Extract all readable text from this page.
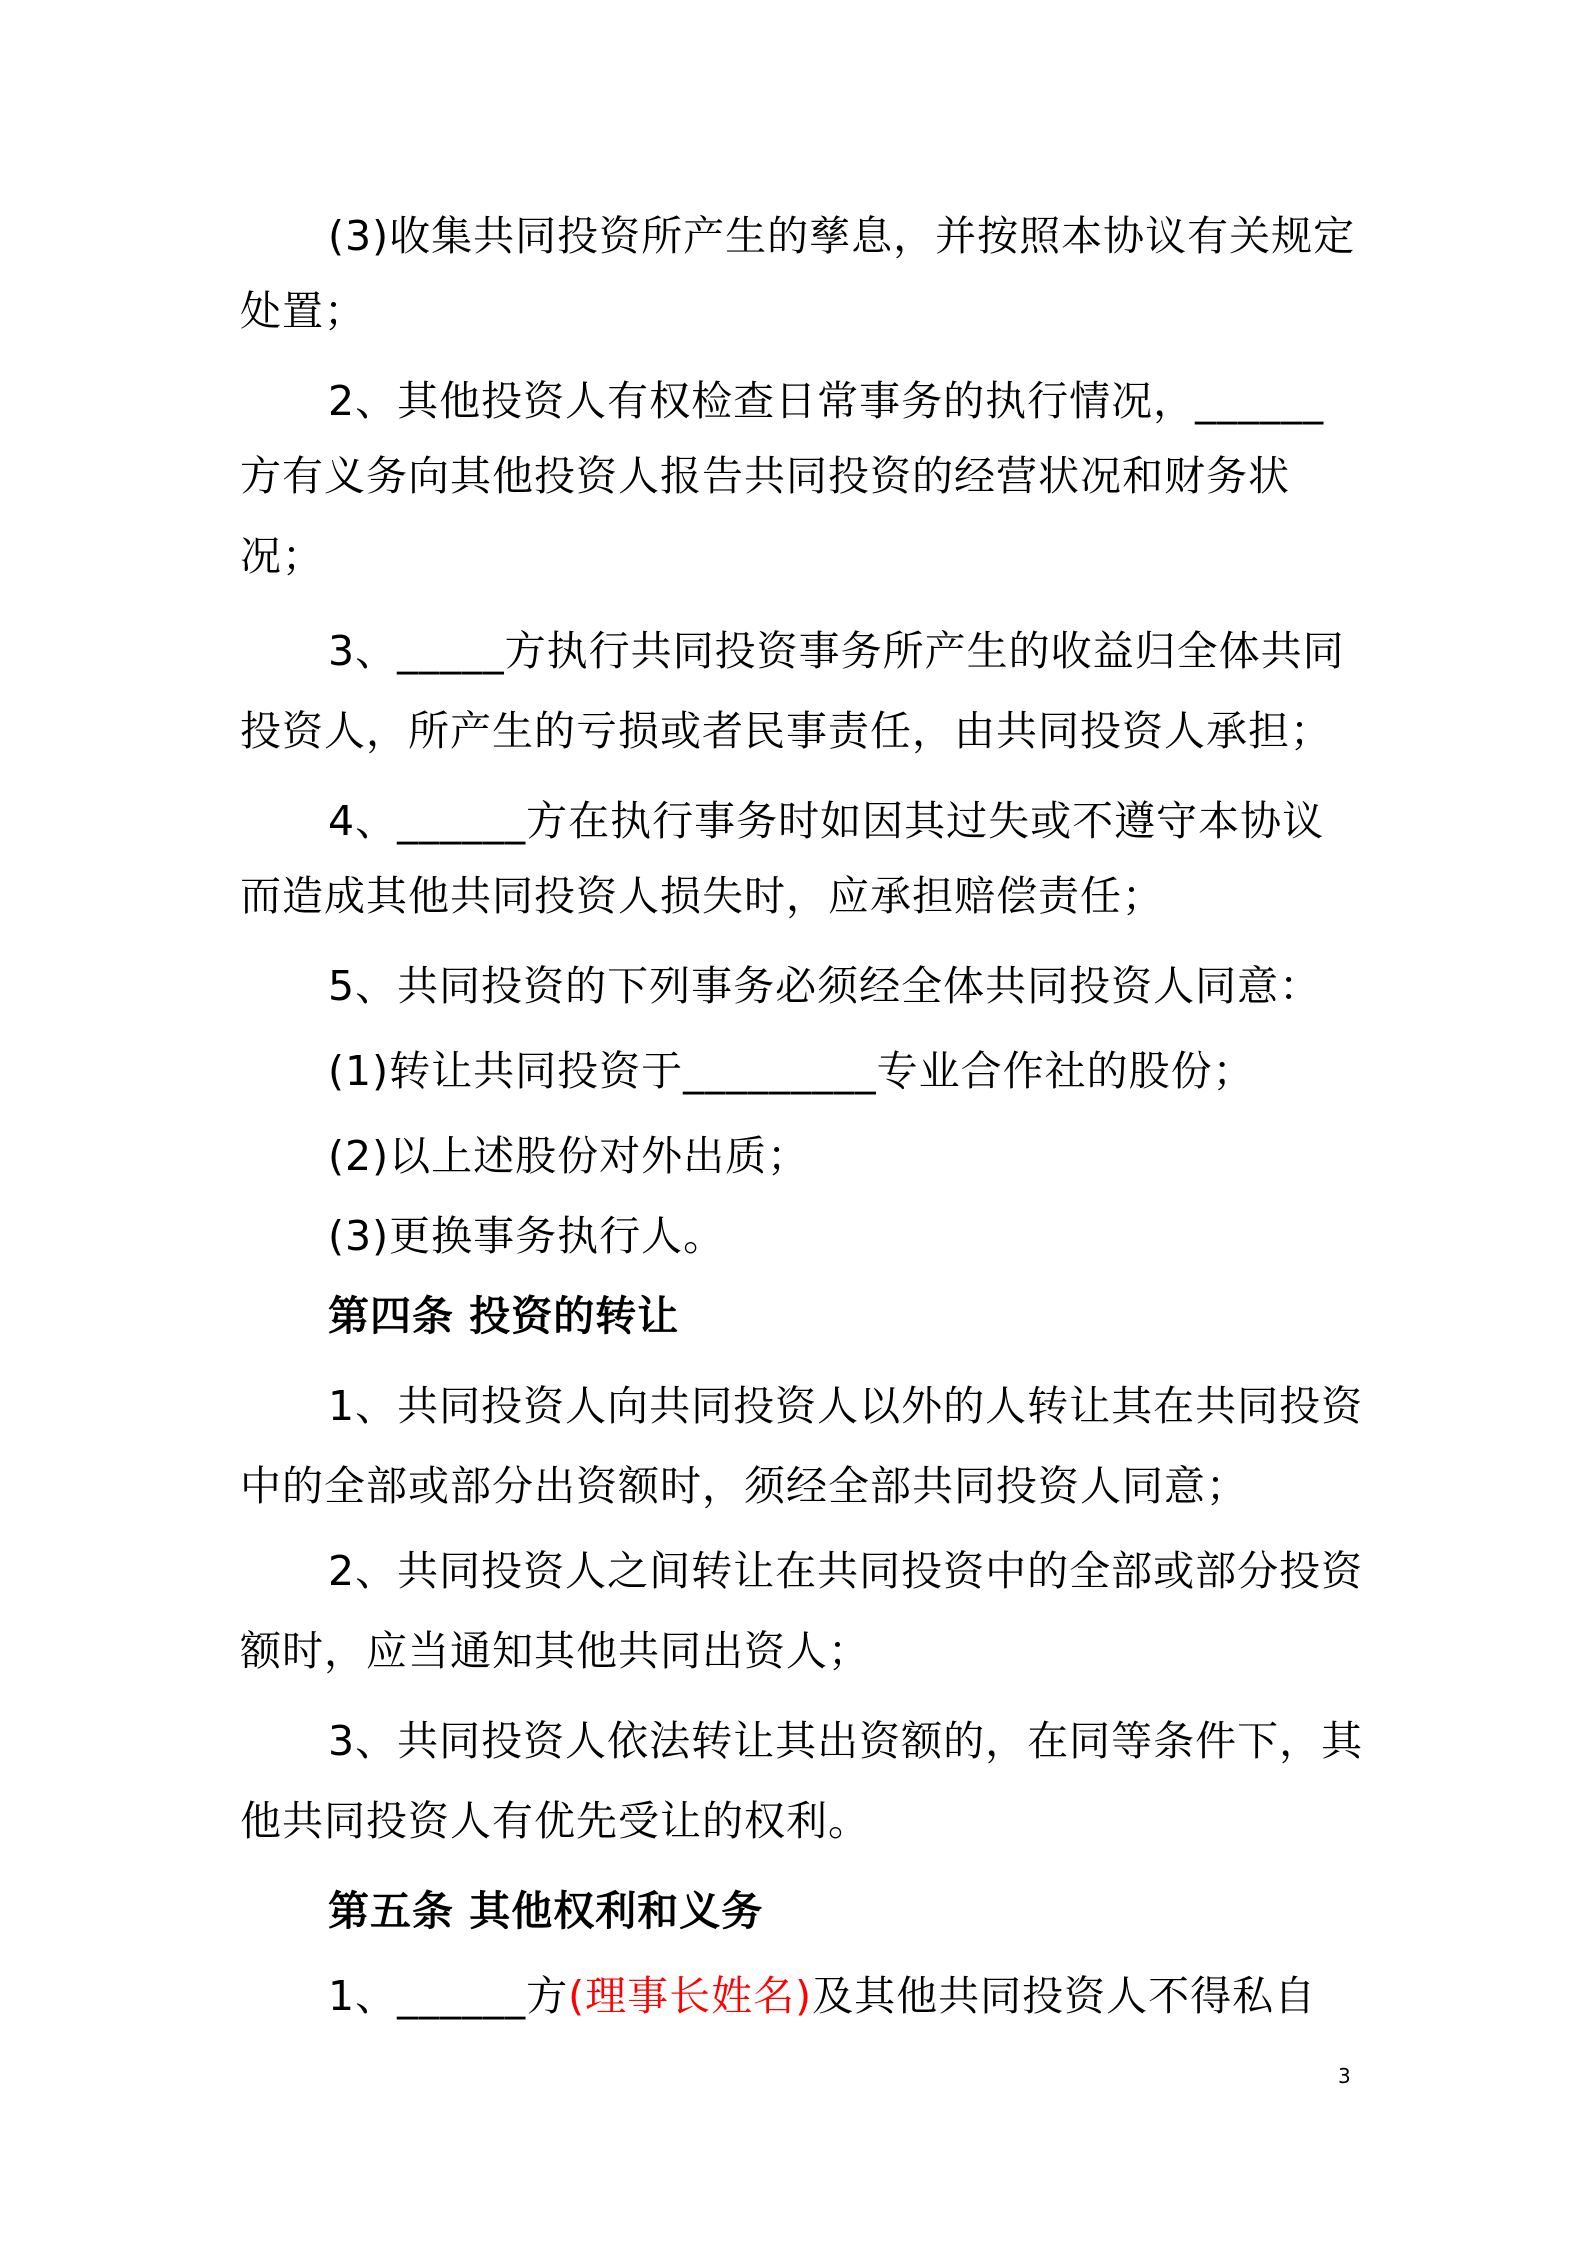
(3)收集共同投资所产生的孳息，并按照本协议有关规定
处置；
2、其他投资人有权检查日常事务的执行情况，______
方有义务向其他投资人报告共同投资的经营状况和财务状
况；
3、_____方执行共同投资事务所产生的收益归全体共同
投资人，所产生的亏损或者民事责任，由共同投资人承担；
4、______方在执行事务时如因其过失或不遵守本协议
而造成其他共同投资人损失时，应承担赔偿责任；
5、共同投资的下列事务必须经全体共同投资人同意：
(1)转让共同投资于_________专业合作社的股份；
(2)以上述股份对外出质；
(3)更换事务执行人。
第四条 投资的转让
1、共同投资人向共同投资人以外的人转让其在共同投资
中的全部或部分出资额时，须经全部共同投资人同意；
2、共同投资人之间转让在共同投资中的全部或部分投资
额时，应当通知其他共同出资人；
3、共同投资人依法转让其出资额的，在同等条件下，其
他共同投资人有优先受让的权利。
第五条 其他权利和义务
1、______方(理事长姓名)及其他共同投资人不得私自
3
